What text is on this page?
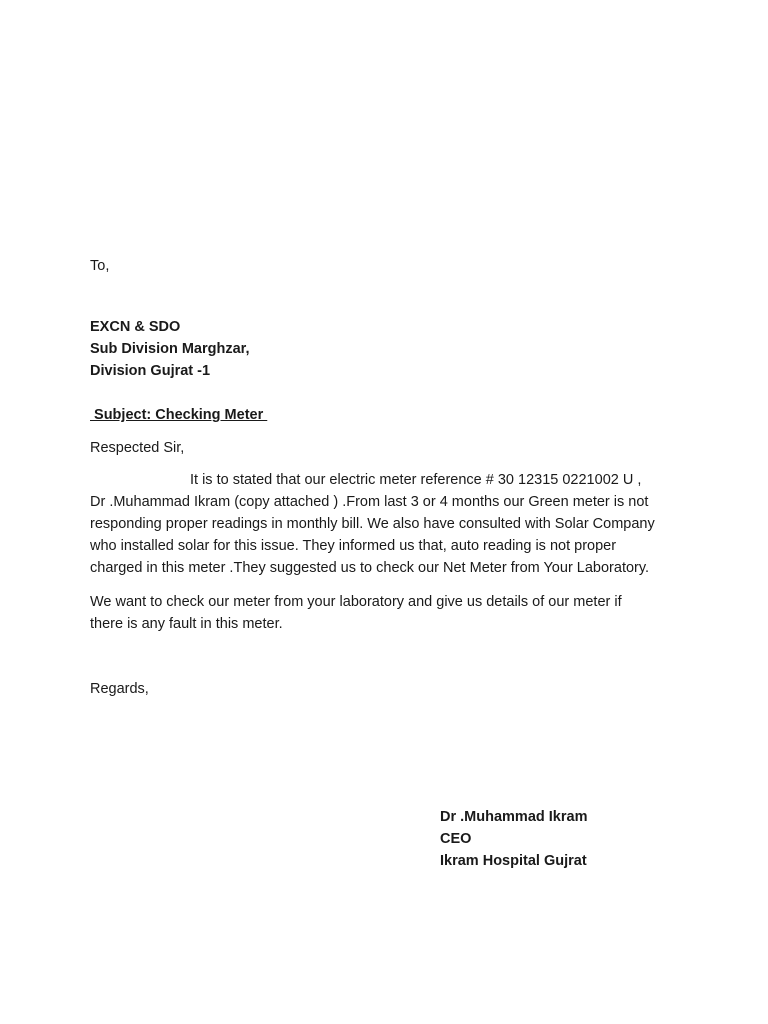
To,

EXCN & SDO
Sub Division Marghzar,
Division Gujrat -1

Subject: Checking Meter

Respected Sir,

It is to stated that our electric meter reference # 30 12315 0221002 U ,
Dr .Muhammad Ikram (copy attached ) .From last 3 or 4 months our Green meter is not
responding proper readings in monthly bill. We also have consulted with Solar Company
who installed solar for this issue. They informed us that, auto reading is not proper
charged in this meter .They suggested us to check our Net Meter from Your Laboratory.
We want to check our meter from your laboratory and give us details of our meter if
there is any fault in this meter.

Regards,

Dr .Muhammad Ikram
CEO
Ikram Hospital Gujrat
